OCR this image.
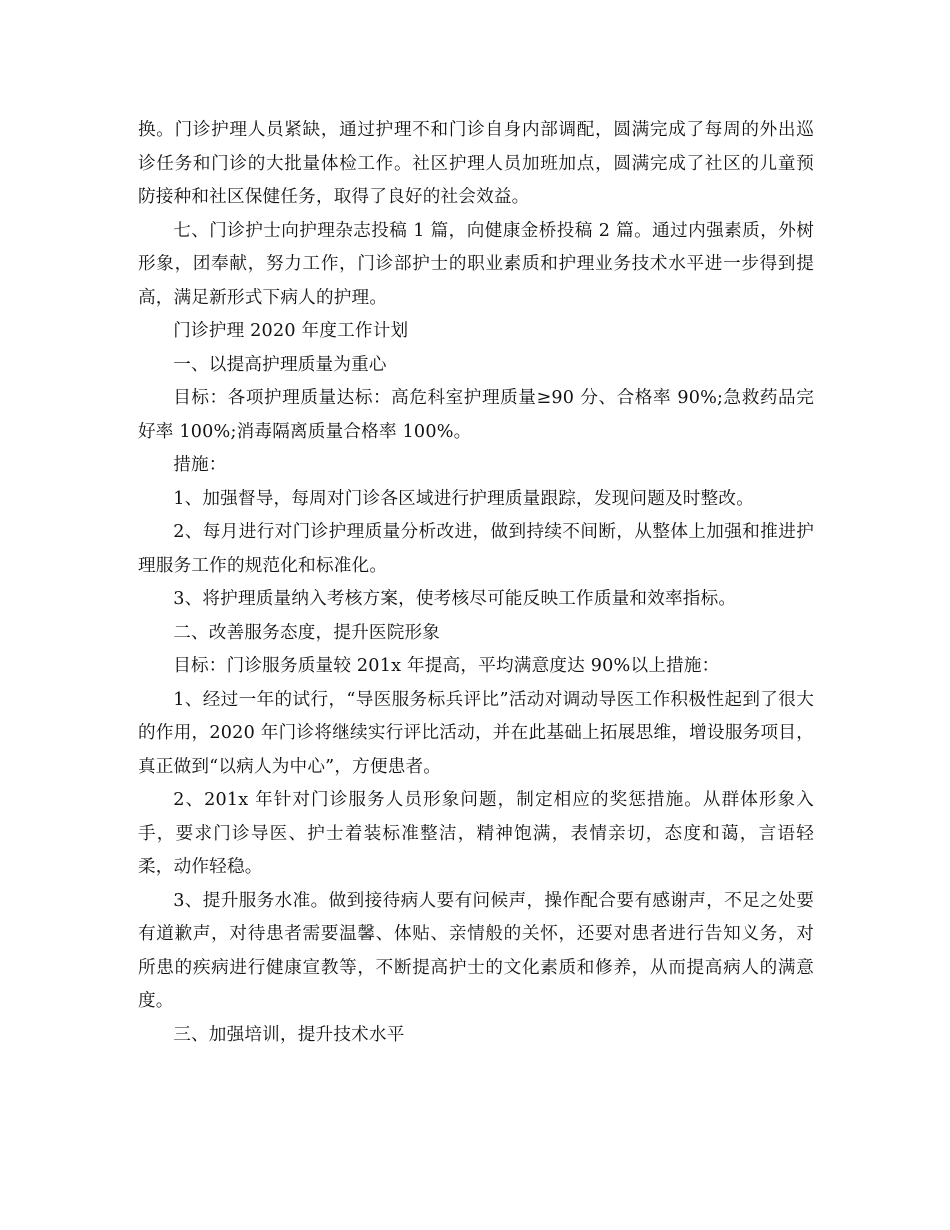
换。门诊护理人员紧缺，通过护理不和门诊自身内部调配，圆满完成了每周的外出巡诊任务和门诊的大批量体检工作。社区护理人员加班加点，圆满完成了社区的儿童预防接种和社区保健任务，取得了良好的社会效益。

七、门诊护士向护理杂志投稿 1 篇，向健康金桥投稿 2 篇。通过内强素质，外树形象，团奉献，努力工作，门诊部护士的职业素质和护理业务技术水平进一步得到提高，满足新形式下病人的护理。

门诊护理 2020 年度工作计划

一、以提高护理质量为重心

目标：各项护理质量达标：高危科室护理质量≥90 分、合格率 90%;急救药品完好率 100%;消毒隔离质量合格率 100%。

措施：

1、加强督导，每周对门诊各区域进行护理质量跟踪，发现问题及时整改。

2、每月进行对门诊护理质量分析改进，做到持续不间断，从整体上加强和推进护理服务工作的规范化和标准化。

3、将护理质量纳入考核方案，使考核尽可能反映工作质量和效率指标。

二、改善服务态度，提升医院形象

目标：门诊服务质量较 201x 年提高，平均满意度达 90%以上措施：

1、经过一年的试行，“导医服务标兵评比”活动对调动导医工作积极性起到了很大的作用，2020 年门诊将继续实行评比活动，并在此基础上拓展思维，增设服务项目，真正做到“以病人为中心”，方便患者。

2、201x 年针对门诊服务人员形象问题，制定相应的奖惩措施。从群体形象入手，要求门诊导医、护士着装标准整洁，精神饱满，表情亲切，态度和蔼，言语轻柔，动作轻稳。

3、提升服务水准。做到接待病人要有问候声，操作配合要有感谢声，不足之处要有道歉声，对待患者需要温馨、体贴、亲情般的关怀，还要对患者进行告知义务，对所患的疾病进行健康宣教等，不断提高护士的文化素质和修养，从而提高病人的满意度。

三、加强培训，提升技术水平
